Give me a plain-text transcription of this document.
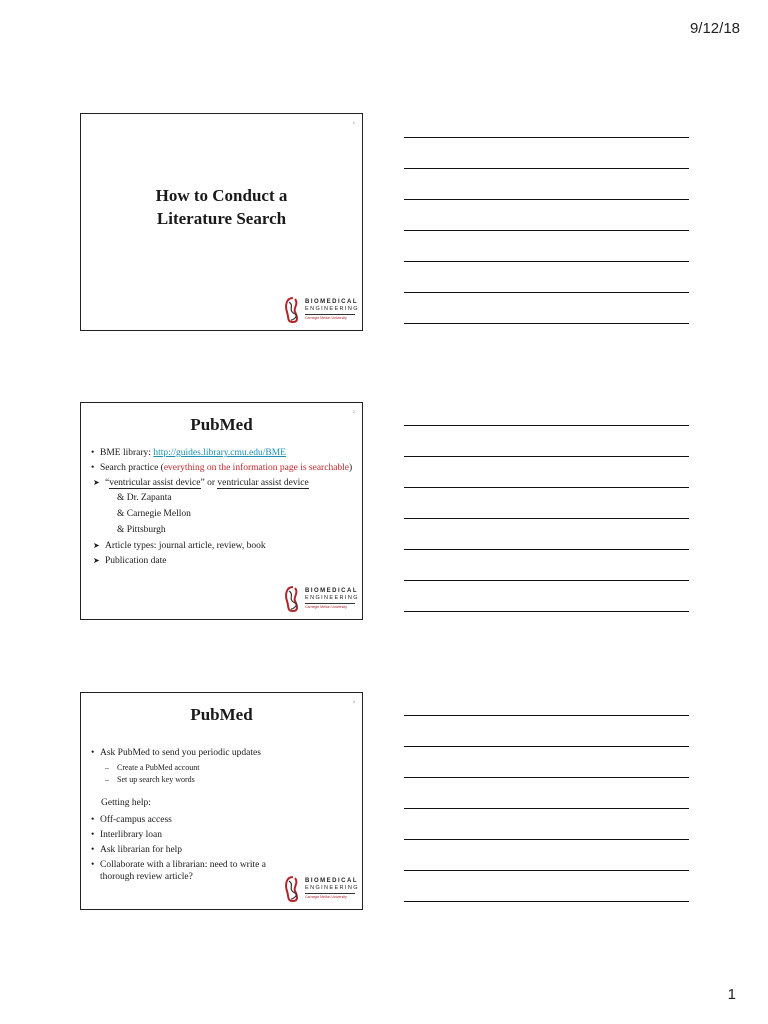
9/12/18
1
How to Conduct a
Literature Search
BIOMEDICAL
ENGINEERING
Carnegie Mellon University
2
PubMed
• BME library: http://guides.library.cmu.edu/BME
• Search practice (everything on the information page is searchable)
➤ “ventricular assist device” or ventricular assist device
& Dr. Zapanta
& Carnegie Mellon
& Pittsburgh
➤ Article types: journal article, review, book
➤ Publication date
BIOMEDICAL
ENGINEERING
Carnegie Mellon University
3
PubMed
• Ask PubMed to send you periodic updates
– Create a PubMed account
– Set up search key words
Getting help:
• Off-campus access
• Interlibrary loan
• Ask librarian for help
• Collaborate with a librarian: need to write a thorough review article?	BIOMEDICAL
ENGINEERING
Carnegie Mellon University
1
